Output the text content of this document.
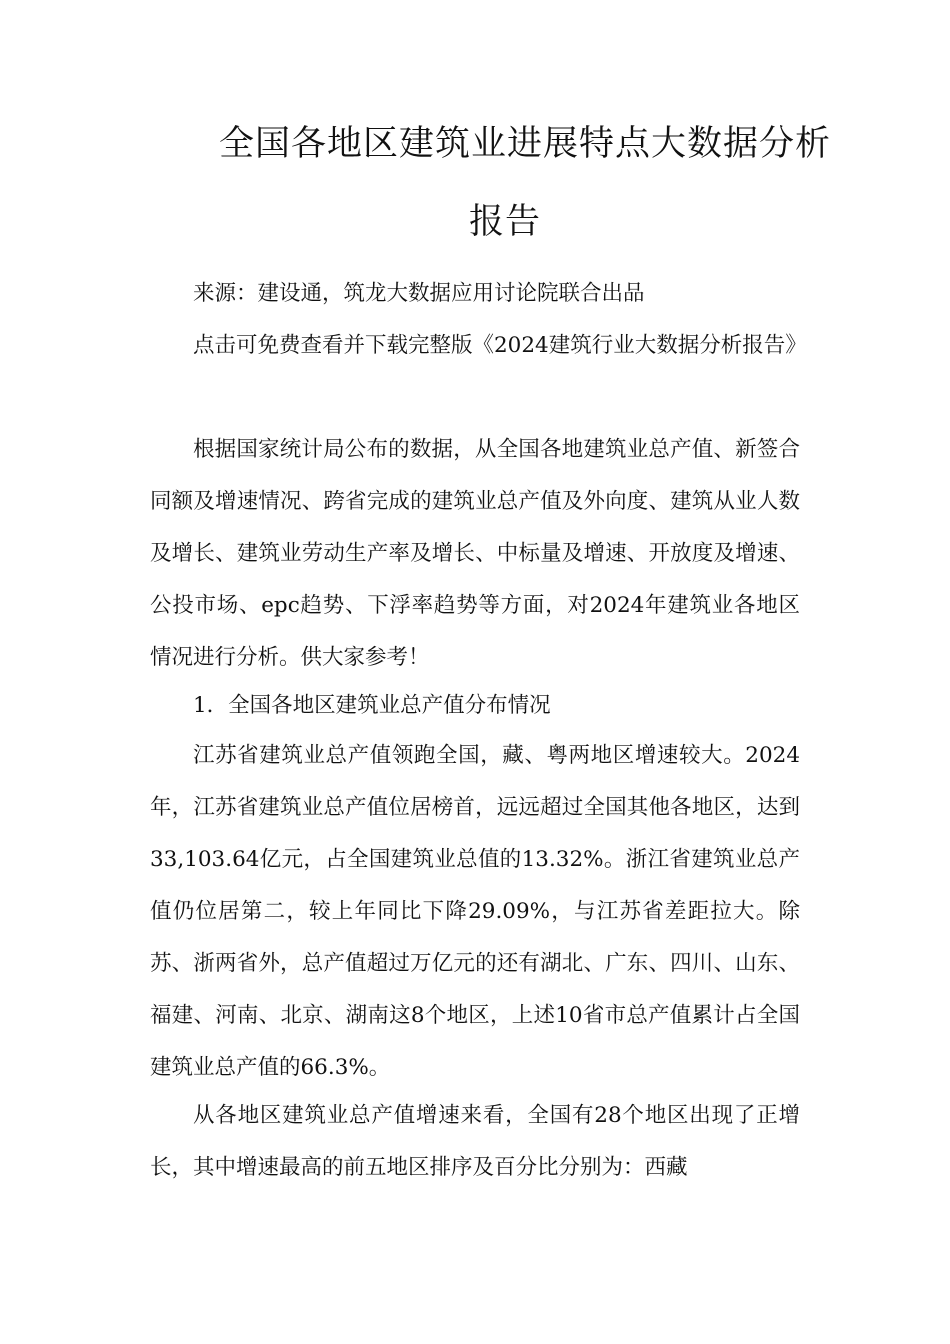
全国各地区建筑业进展特点大数据分析
报告

来源：建设通，筑龙大数据应用讨论院联合出品

点击可免费查看并下载完整版《2024建筑行业大数据分析报告》

根据国家统计局公布的数据，从全国各地建筑业总产值、新签合同额及增速情况、跨省完成的建筑业总产值及外向度、建筑从业人数及增长、建筑业劳动生产率及增长、中标量及增速、开放度及增速、公投市场、epc趋势、下浮率趋势等方面，对2024年建筑业各地区情况进行分析。供大家参考！

1．全国各地区建筑业总产值分布情况

江苏省建筑业总产值领跑全国，藏、粤两地区增速较大。2024年，江苏省建筑业总产值位居榜首，远远超过全国其他各地区，达到33,103.64亿元，占全国建筑业总值的13.32%。浙江省建筑业总产值仍位居第二，较上年同比下降29.09%，与江苏省差距拉大。除苏、浙两省外，总产值超过万亿元的还有湖北、广东、四川、山东、福建、河南、北京、湖南这8个地区，上述10省市总产值累计占全国建筑业总产值的66.3%。

从各地区建筑业总产值增速来看，全国有28个地区出现了正增长，其中增速最高的前五地区排序及百分比分别为：西藏
